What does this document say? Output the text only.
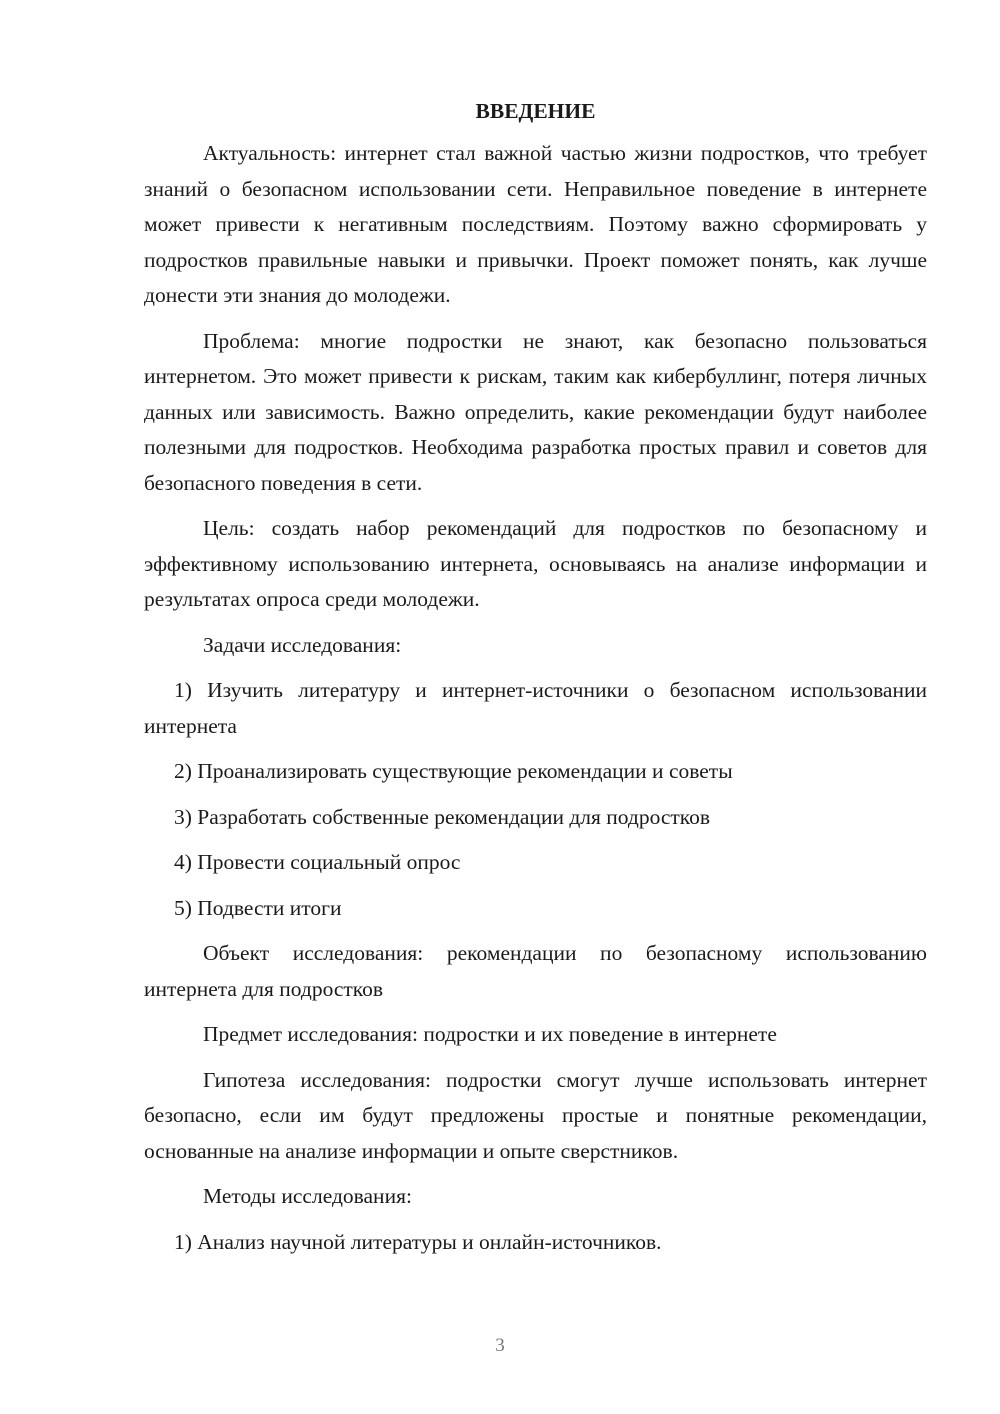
ВВЕДЕНИЕ

Актуальность: интернет стал важной частью жизни подростков, что требует знаний о безопасном использовании сети. Неправильное поведение в интернете может привести к негативным последствиям. Поэтому важно сформировать у подростков правильные навыки и привычки. Проект поможет понять, как лучше донести эти знания до молодежи.

Проблема: многие подростки не знают, как безопасно пользоваться интернетом. Это может привести к рискам, таким как кибербуллинг, потеря личных данных или зависимость. Важно определить, какие рекомендации будут наиболее полезными для подростков. Необходима разработка простых правил и советов для безопасного поведения в сети.

Цель: создать набор рекомендаций для подростков по безопасному и эффективному использованию интернета, основываясь на анализе информации и результатах опроса среди молодежи.

Задачи исследования:

1) Изучить литературу и интернет-источники о безопасном использовании интернета

2) Проанализировать существующие рекомендации и советы

3) Разработать собственные рекомендации для подростков

4) Провести социальный опрос

5) Подвести итоги

Объект исследования: рекомендации по безопасному использованию интернета для подростков

Предмет исследования: подростки и их поведение в интернете

Гипотеза исследования: подростки смогут лучше использовать интернет безопасно, если им будут предложены простые и понятные рекомендации, основанные на анализе информации и опыте сверстников.

Методы исследования:

1) Анализ научной литературы и онлайн-источников.

3
